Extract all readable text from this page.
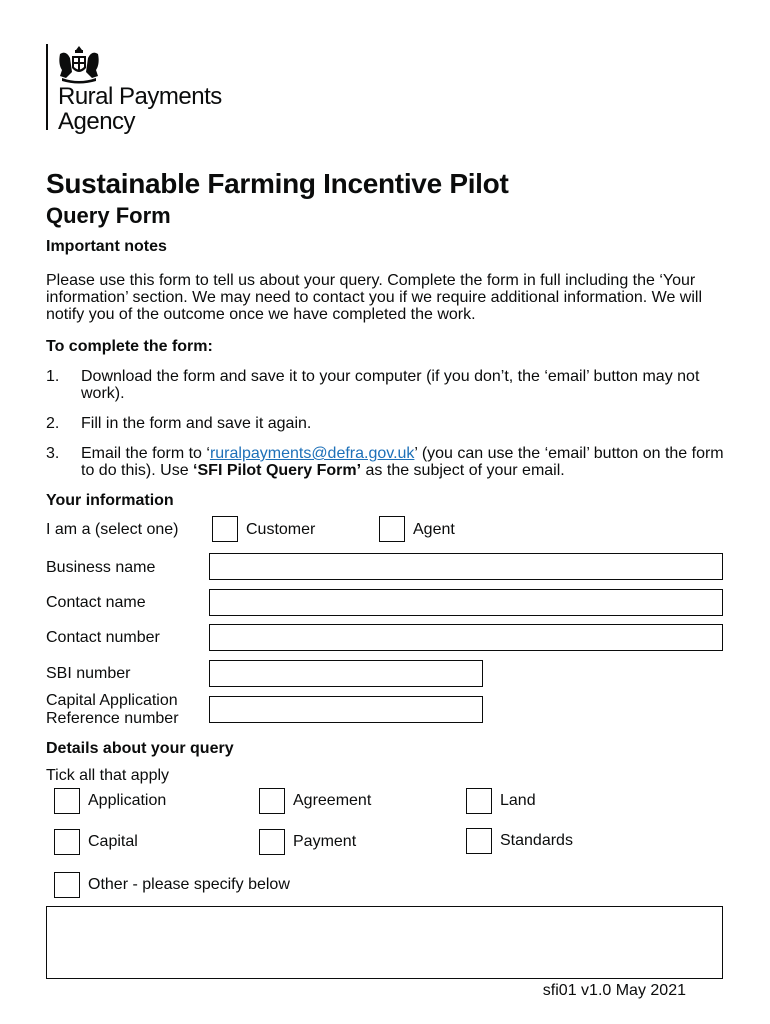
Rural Payments
Agency
Sustainable Farming Incentive Pilot
Query Form
Important notes
Please use this form to tell us about your query. Complete the form in full including the ‘Your information’ section. We may need to contact you if we require additional information. We will notify you of the outcome once we have completed the work.
To complete the form:
1. Download the form and save it to your computer (if you don’t, the ‘email’ button may not work).
2. Fill in the form and save it again.
3. Email the form to ‘ruralpayments@defra.gov.uk’ (you can use the ‘email’ button on the form to do this). Use ‘SFI Pilot Query Form’ as the subject of your email.
Your information
I am a (select one)	Customer	Agent
Business name
Contact name
Contact number
SBI number
Capital Application
Reference number
Details about your query
Tick all that apply
Application	Agreement	Land
Capital	Payment	Standards
Other - please specify below
sfi01 v1.0 May 2021
